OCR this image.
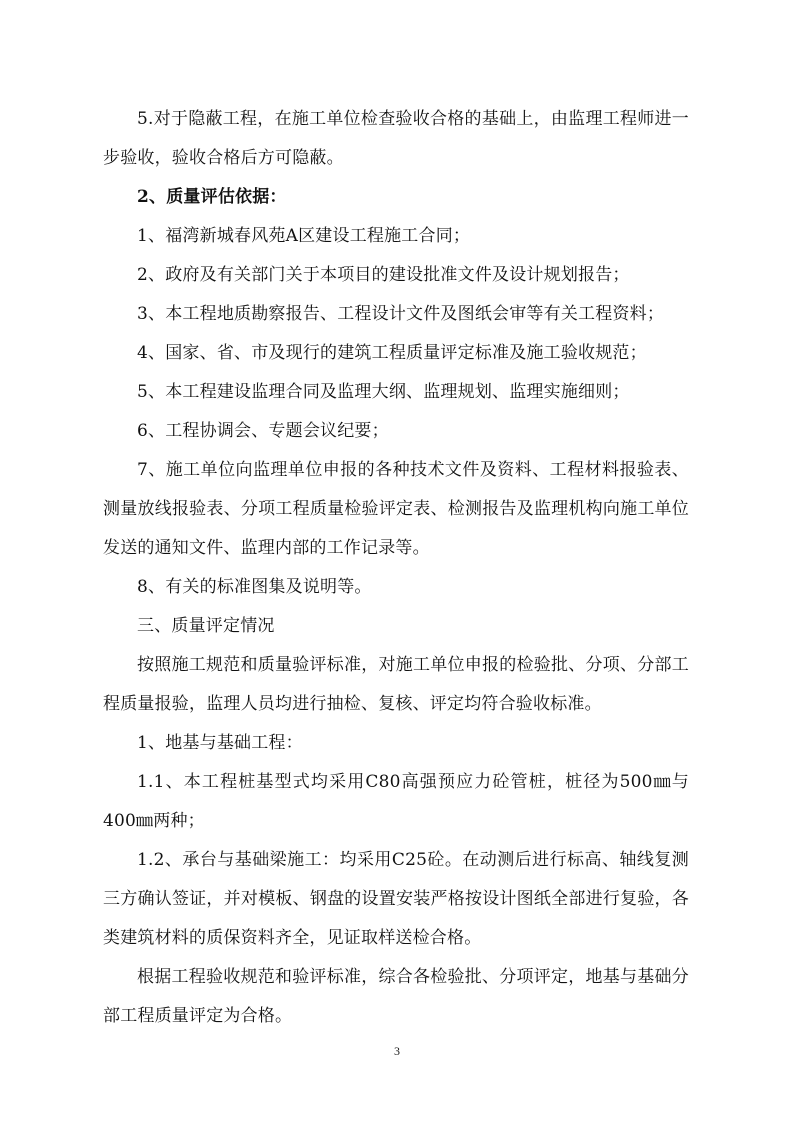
5.对于隐蔽工程，在施工单位检查验收合格的基础上，由监理工程师进一步验收，验收合格后方可隐蔽。

2、质量评估依据：

1、福湾新城春风苑A区建设工程施工合同；

2、政府及有关部门关于本项目的建设批准文件及设计规划报告；

3、本工程地质勘察报告、工程设计文件及图纸会审等有关工程资料；

4、国家、省、市及现行的建筑工程质量评定标准及施工验收规范；

5、本工程建设监理合同及监理大纲、监理规划、监理实施细则；

6、工程协调会、专题会议纪要；

7、施工单位向监理单位申报的各种技术文件及资料、工程材料报验表、测量放线报验表、分项工程质量检验评定表、检测报告及监理机构向施工单位发送的通知文件、监理内部的工作记录等。

8、有关的标准图集及说明等。

三、质量评定情况

按照施工规范和质量验评标准，对施工单位申报的检验批、分项、分部工程质量报验，监理人员均进行抽检、复核、评定均符合验收标准。

1、地基与基础工程：

1.1、本工程桩基型式均采用C80高强预应力砼管桩，桩径为500㎜与400㎜两种；

1.2、承台与基础梁施工：均采用C25砼。在动测后进行标高、轴线复测三方确认签证，并对模板、钢盘的设置安装严格按设计图纸全部进行复验，各类建筑材料的质保资料齐全，见证取样送检合格。

根据工程验收规范和验评标准，综合各检验批、分项评定，地基与基础分部工程质量评定为合格。

3
